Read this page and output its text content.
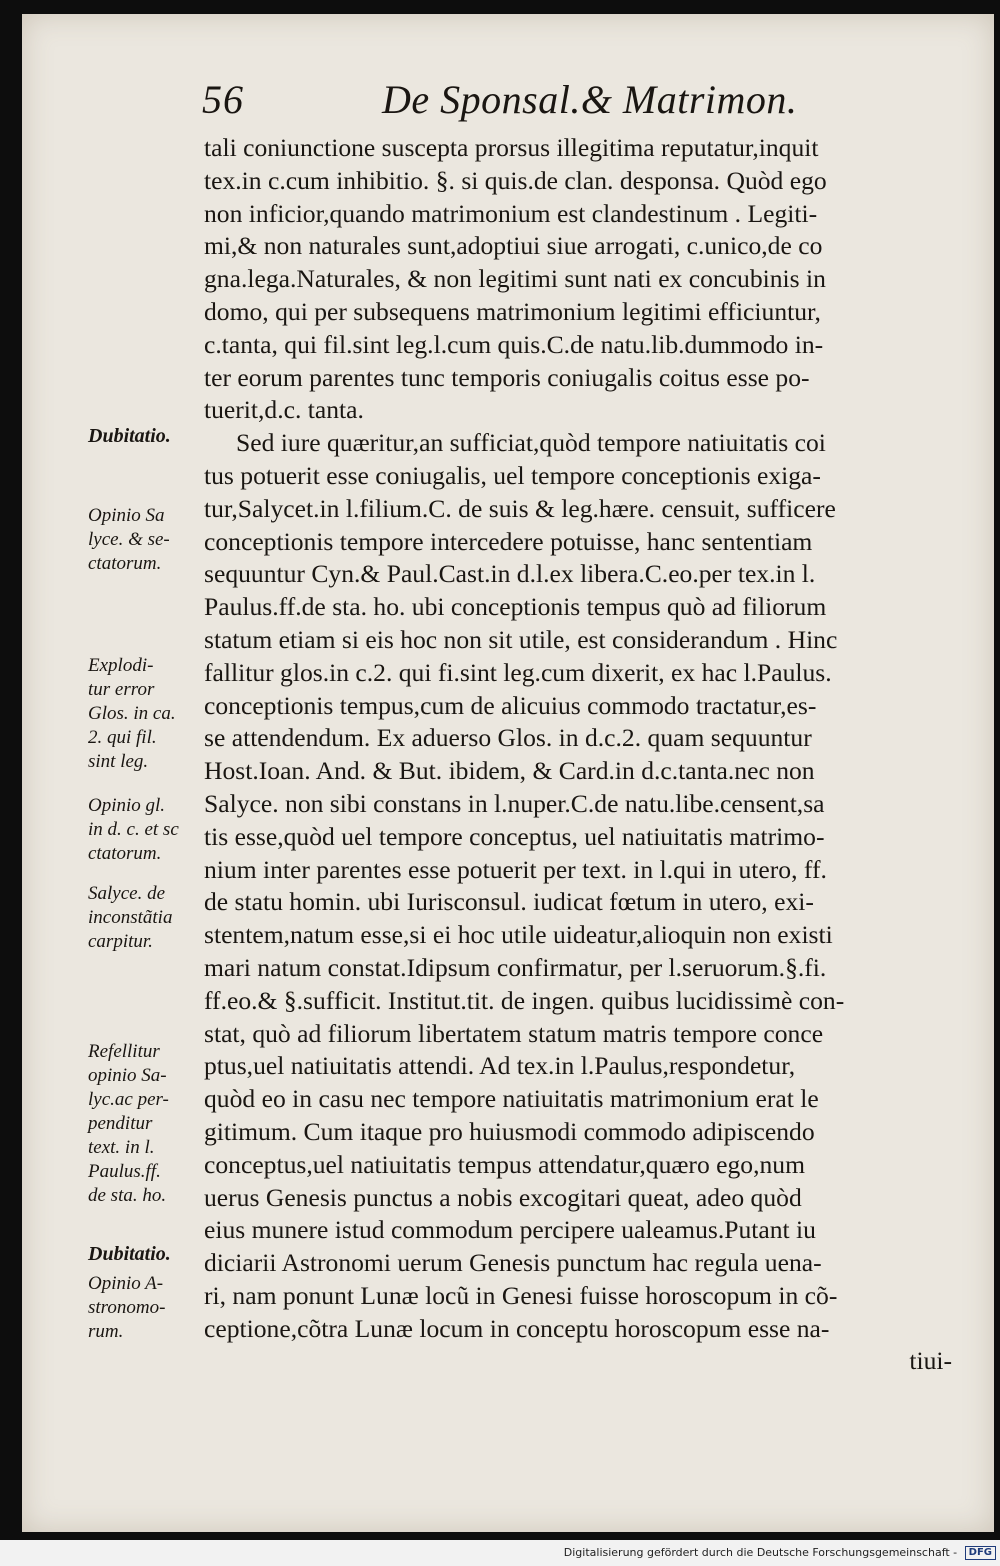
56	De Sponsal.& Matrimon.
tali coniunctione suscepta prorsus illegitima reputatur,inquit
tex.in c.cum inhibitio. §. si quis.de clan. desponsa. Quòd ego
non inficior,quando matrimonium est clandestinum . Legiti-
mi,& non naturales sunt,adoptiui siue arrogati, c.unico,de co
gna.lega.Naturales, & non legitimi sunt nati ex concubinis in
domo, qui per subsequens matrimonium legitimi efficiuntur,
c.tanta, qui fil.sint leg.l.cum quis.C.de natu.lib.dummodo in-
ter eorum parentes tunc temporis coniugalis coitus esse po-
tuerit,d.c. tanta.
Sed iure quæritur,an sufficiat,quòd tempore natiuitatis coi
tus potuerit esse coniugalis, uel tempore conceptionis exiga-
tur,Salycet.in l.filium.C. de suis & leg.hære. censuit, sufficere
conceptionis tempore intercedere potuisse, hanc sententiam
sequuntur Cyn.& Paul.Cast.in d.l.ex libera.C.eo.per tex.in l.
Paulus.ff.de sta. ho. ubi conceptionis tempus quò ad filiorum
statum etiam si eis hoc non sit utile, est considerandum . Hinc
fallitur glos.in c.2. qui fi.sint leg.cum dixerit, ex hac l.Paulus.
conceptionis tempus,cum de alicuius commodo tractatur,es-
se attendendum. Ex aduerso Glos. in d.c.2. quam sequuntur
Host.Ioan. And. & But. ibidem, & Card.in d.c.tanta.nec non
Salyce. non sibi constans in l.nuper.C.de natu.libe.censent,sa
tis esse,quòd uel tempore conceptus, uel natiuitatis matrimo-
nium inter parentes esse potuerit per text. in l.qui in utero, ff.
de statu homin. ubi Iurisconsul. iudicat fœtum in utero, exi-
stentem,natum esse,si ei hoc utile uideatur,alioquin non existi
mari natum constat.Idipsum confirmatur, per l.seruorum.§.fi.
ff.eo.& §.sufficit. Institut.tit. de ingen. quibus lucidissimè con-
stat, quò ad filiorum libertatem statum matris tempore conce
ptus,uel natiuitatis attendi. Ad tex.in l.Paulus,respondetur,
quòd eo in casu nec tempore natiuitatis matrimonium erat le
gitimum. Cum itaque pro huiusmodi commodo adipiscendo
conceptus,uel natiuitatis tempus attendatur,quæro ego,num
uerus Genesis punctus a nobis excogitari queat, adeo quòd
eius munere istud commodum percipere ualeamus.Putant iu
diciarii Astronomi uerum Genesis punctum hac regula uena-
ri, nam ponunt Lunæ locũ in Genesi fuisse horoscopum in cõ-
ceptione,cõtra Lunæ locum in conceptu horoscopum esse na-
tiui-
Dubitatio.
Opinio Sa
lyce. & se-
ctatorum.
Explodi-
tur error
Glos. in ca.
2. qui fil.
sint leg.
Opinio gl.
in d. c. et sc
ctatorum.
Salyce. de
inconstãtia
carpitur.
Refellitur
opinio Sa-
lyc.ac per-
penditur
text. in l.
Paulus.ff.
de sta. ho.
Dubitatio.
Opinio A-
stronomo-
rum.
Digitalisierung gefördert durch die Deutsche Forschungsgemeinschaft - DFG
